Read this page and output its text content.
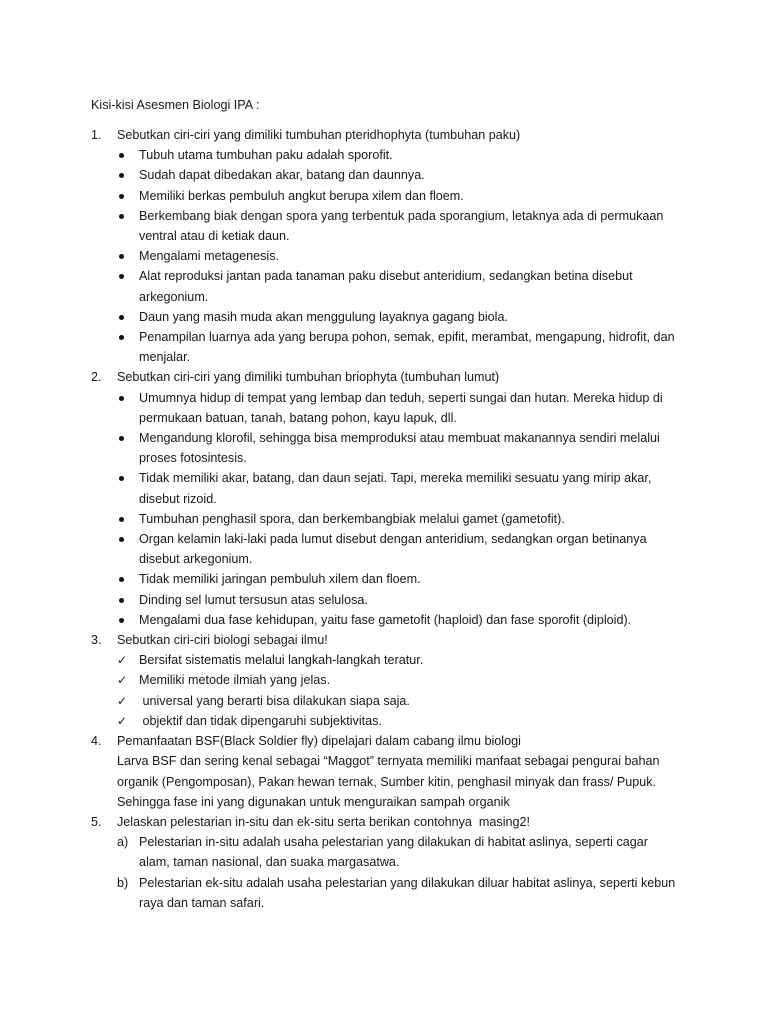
Kisi-kisi Asesmen Biologi IPA :
1. Sebutkan ciri-ciri yang dimiliki tumbuhan pteridhophyta (tumbuhan paku)
Tubuh utama tumbuhan paku adalah sporofit.
Sudah dapat dibedakan akar, batang dan daunnya.
Memiliki berkas pembuluh angkut berupa xilem dan floem.
Berkembang biak dengan spora yang terbentuk pada sporangium, letaknya ada di permukaan ventral atau di ketiak daun.
Mengalami metagenesis.
Alat reproduksi jantan pada tanaman paku disebut anteridium, sedangkan betina disebut arkegonium.
Daun yang masih muda akan menggulung layaknya gagang biola.
Penampilan luarnya ada yang berupa pohon, semak, epifit, merambat, mengapung, hidrofit, dan menjalar.
2. Sebutkan ciri-ciri yang dimiliki tumbuhan briophyta (tumbuhan lumut)
Umumnya hidup di tempat yang lembap dan teduh, seperti sungai dan hutan. Mereka hidup di permukaan batuan, tanah, batang pohon, kayu lapuk, dll.
Mengandung klorofil, sehingga bisa memproduksi atau membuat makanannya sendiri melalui proses fotosintesis.
Tidak memiliki akar, batang, dan daun sejati. Tapi, mereka memiliki sesuatu yang mirip akar, disebut rizoid.
Tumbuhan penghasil spora, dan berkembangbiak melalui gamet (gametofit).
Organ kelamin laki-laki pada lumut disebut dengan anteridium, sedangkan organ betinanya disebut arkegonium.
Tidak memiliki jaringan pembuluh xilem dan floem.
Dinding sel lumut tersusun atas selulosa.
Mengalami dua fase kehidupan, yaitu fase gametofit (haploid) dan fase sporofit (diploid).
3. Sebutkan ciri-ciri biologi sebagai ilmu!
✓ Bersifat sistematis melalui langkah-langkah teratur.
✓ Memiliki metode ilmiah yang jelas.
✓ universal yang berarti bisa dilakukan siapa saja.
✓ objektif dan tidak dipengaruhi subjektivitas.
4. Pemanfaatan BSF(Black Soldier fly) dipelajari dalam cabang ilmu biologi
Larva BSF dan sering kenal sebagai “Maggot” ternyata memiliki manfaat sebagai pengurai bahan organik (Pengomposan), Pakan hewan ternak, Sumber kitin, penghasil minyak dan frass/ Pupuk. Sehingga fase ini yang digunakan untuk menguraikan sampah organik
5. Jelaskan pelestarian in-situ dan ek-situ serta berikan contohnya  masing2!
a) Pelestarian in-situ adalah usaha pelestarian yang dilakukan di habitat aslinya, seperti cagar alam, taman nasional, dan suaka margasatwa.
b) Pelestarian ek-situ adalah usaha pelestarian yang dilakukan diluar habitat aslinya, seperti kebun raya dan taman safari.
